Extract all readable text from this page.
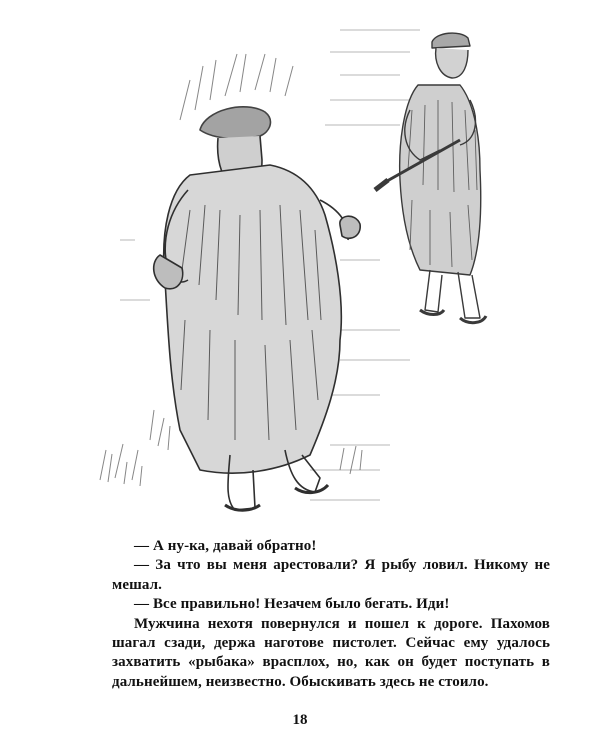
— А ну-ка, давай обратно!

— За что вы меня арестовали? Я рыбу ловил. Никому не мешал.

— Все правильно! Незачем было бегать. Иди!

Мужчина нехотя повернулся и пошел к дороге. Пахомов шагал сзади, держа наготове пистолет. Сейчас ему удалось захватить «рыбака» врасплох, но, как он будет поступать в дальнейшем, неизвестно. Обыскивать здесь не стоило.

18
